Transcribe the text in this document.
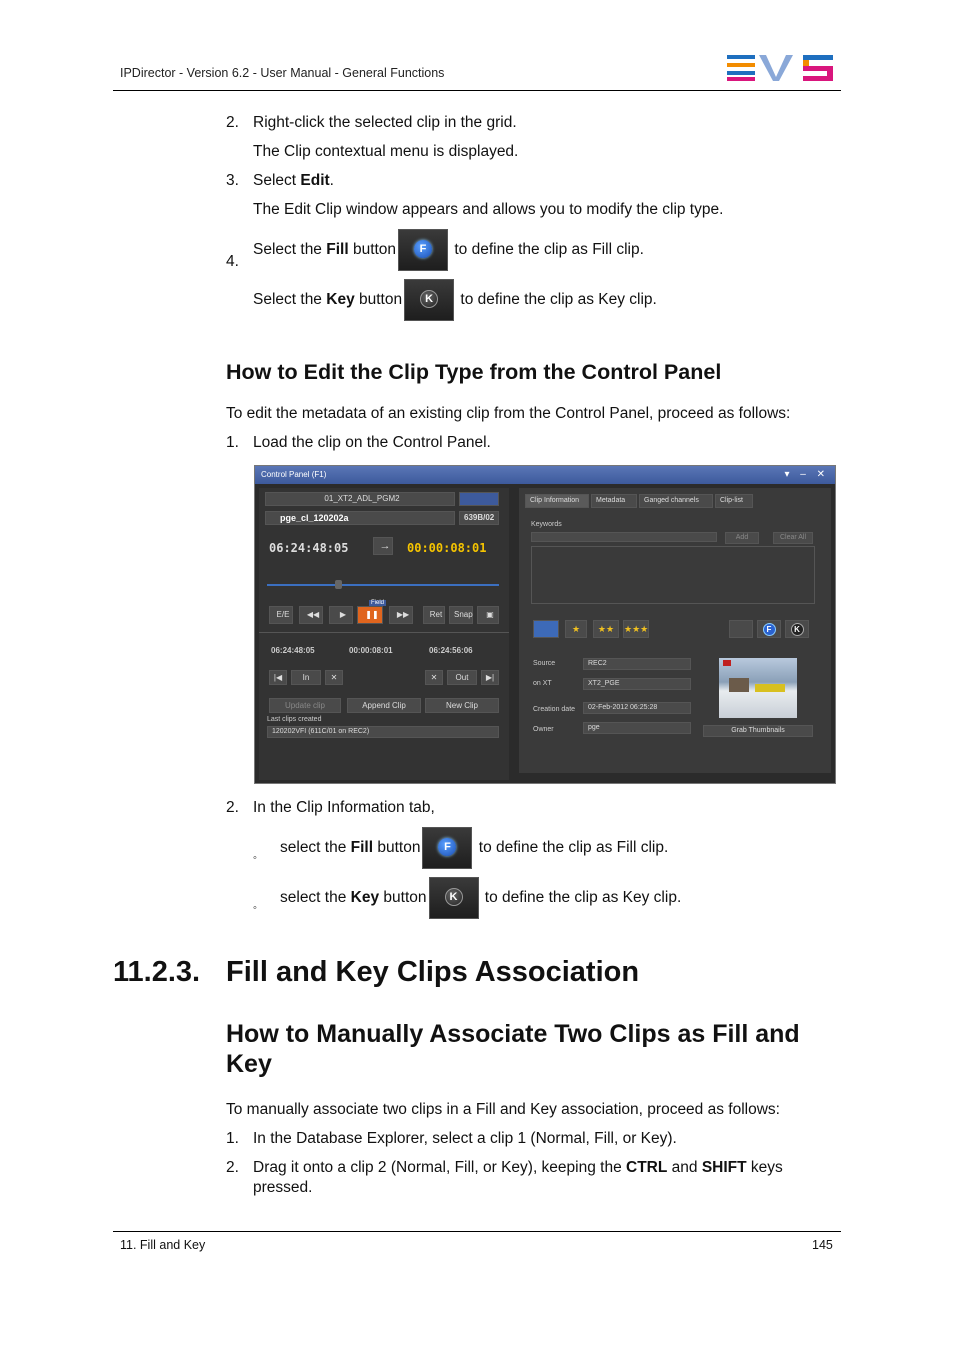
IPDirector - Version 6.2 - User Manual - General Functions
2. Right-click the selected clip in the grid.
The Clip contextual menu is displayed.
3. Select Edit.
The Edit Clip window appears and allows you to modify the clip type.
4.
Select the Fill button	F	to define the clip as Fill clip.
Select the Key button	K	to define the clip as Key clip.
How to Edit the Clip Type from the Control Panel
To edit the metadata of an existing clip from the Control Panel, proceed as follows:
1. Load the clip on the Control Panel.
Control Panel (F1)	▾ – ✕
01_XT2_ADL_PGM2
pge_cl_120202a	639B/02
06:24:48:05	→ 00:00:08:01
E/E	◀◀	▶	❚❚
Field
▶▶	Ret	Snap	▣
06:24:48:05	00:00:08:01	06:24:56:06
|◀	In	✕	✕	Out	▶|
Update clip	Append Clip	New Clip
Last clips created
120202VFI (611C/01 on REC2)
Clip Information	Metadata	Ganged channels	Clip-list
Keywords
Add	Clear All
★	★★	★★★	F	K
Source	REC2
on XT	XT2_PGE
Creation date	02-Feb-2012 06:25:28
Owner	pge	Grab Thumbnails
2. In the Clip Information tab,
◦
select the Fill button	F	to define the clip as Fill clip.
◦
select the Key button	K	to define the clip as Key clip.
11.2.3. Fill and Key Clips Association
How to Manually Associate Two Clips as Fill and
Key
To manually associate two clips in a Fill and Key association, proceed as follows:
1. In the Database Explorer, select a clip 1 (Normal, Fill, or Key).
2. Drag it onto a clip 2 (Normal, Fill, or Key), keeping the CTRL and SHIFT keys
pressed.
11. Fill and Key	145
